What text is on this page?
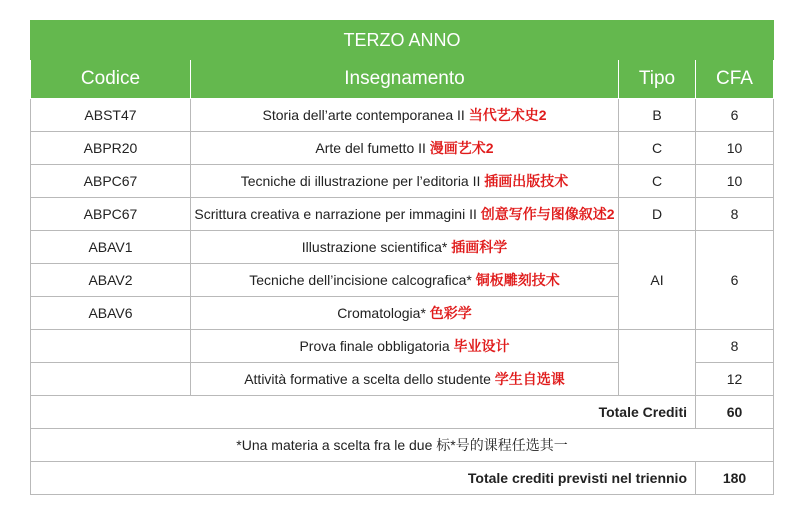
TERZO ANNO			
Codice	Insegnamento	Tipo	CFA
ABST47	Storia dell’arte contemporanea II 当代艺术史2	B	6
ABPR20	Arte del fumetto II 漫画艺术2	C	10
ABPC67	Tecniche di illustrazione per l’editoria II 插画出版技术	C	10
ABPC67	Scrittura creativa e narrazione per immagini II 创意写作与图像叙述2	D	8
ABAV1	Illustrazione scientifica* 插画科学	AI	6
ABAV2	Tecniche dell’incisione calcografica* 铜板雕刻技术		
ABAV6	Cromatologia* 色彩学		
	Prova finale obbligatoria 毕业设计		8
	Attività formative a scelta dello studente 学生自选课		12
Totale Crediti			60
*Una materia a scelta fra le due 标*号的课程任选其一			
Totale crediti previsti nel triennio			180
